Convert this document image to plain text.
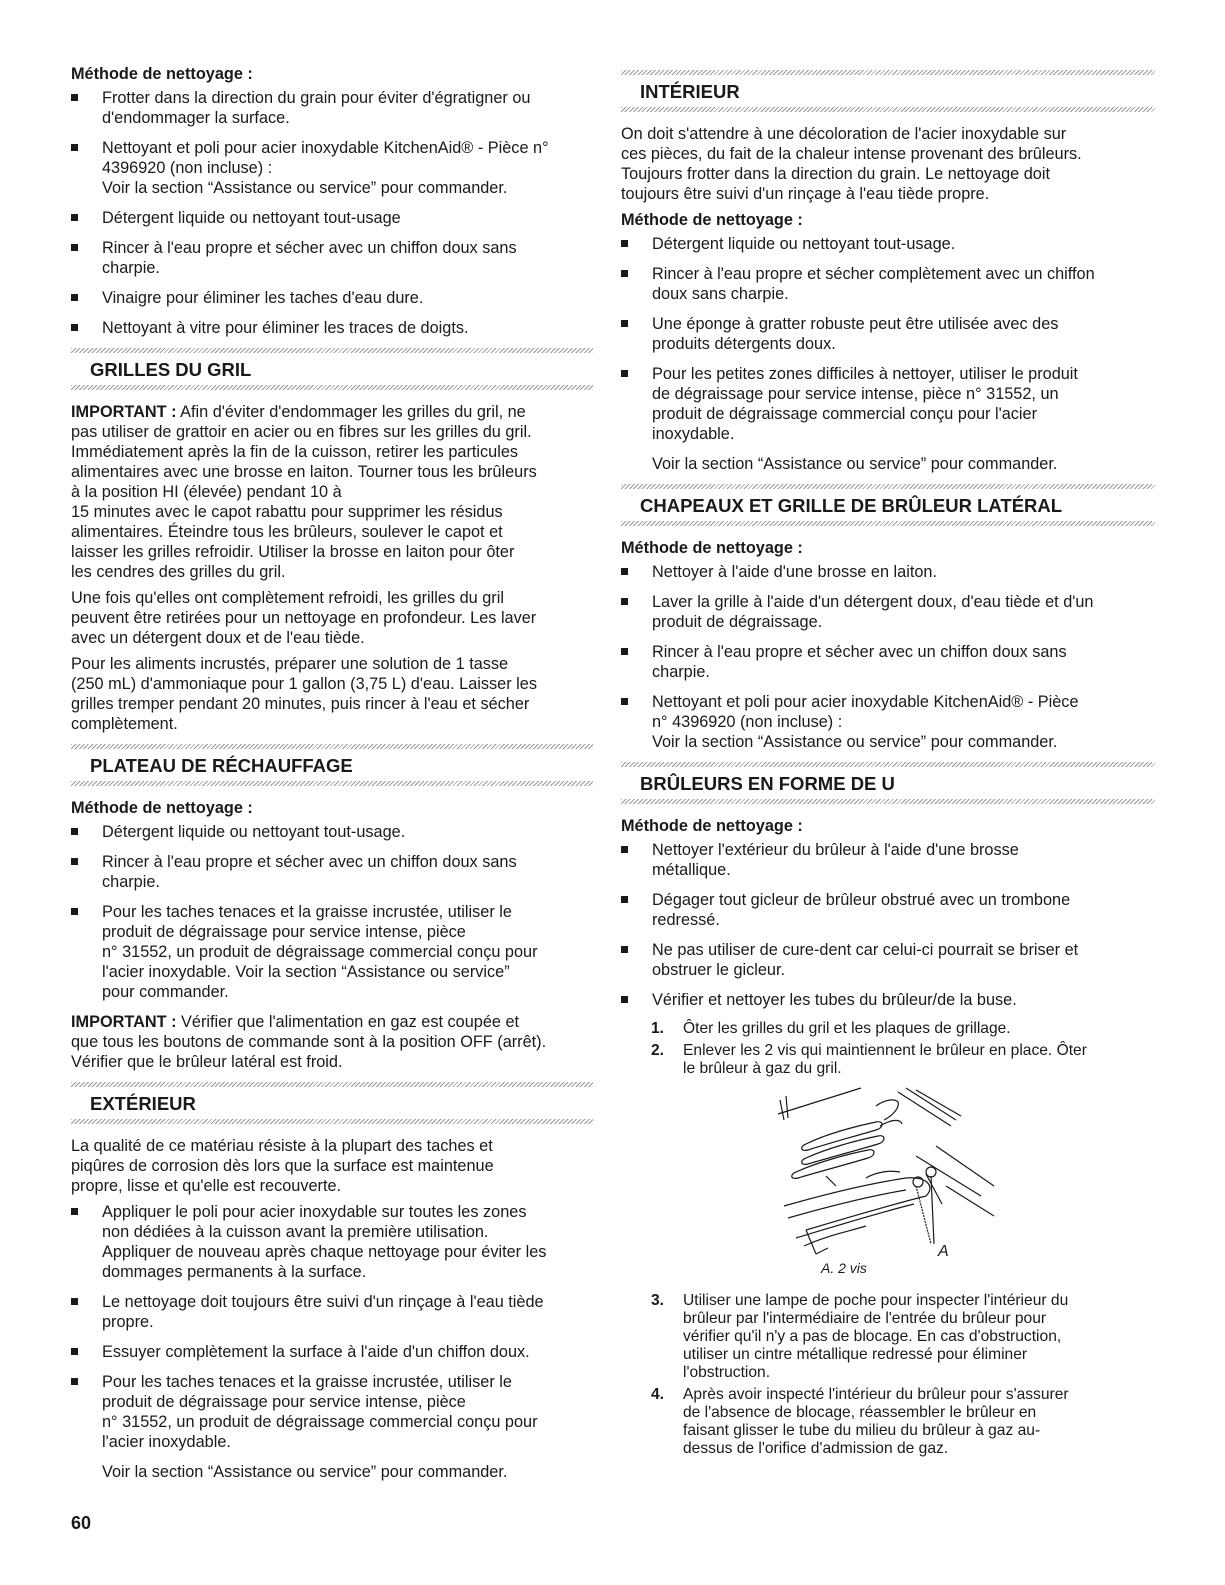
Méthode de nettoyage :
Frotter dans la direction du grain pour éviter d'égratigner ou
d'endommager la surface.
Nettoyant et poli pour acier inoxydable KitchenAid® - Pièce n°
4396920 (non incluse) :
Voir la section “Assistance ou service” pour commander.
Détergent liquide ou nettoyant tout-usage
Rincer à l'eau propre et sécher avec un chiffon doux sans
charpie.
Vinaigre pour éliminer les taches d'eau dure.
Nettoyant à vitre pour éliminer les traces de doigts.
GRILLES DU GRIL

IMPORTANT : Afin d'éviter d'endommager les grilles du gril, ne
pas utiliser de grattoir en acier ou en fibres sur les grilles du gril.
Immédiatement après la fin de la cuisson, retirer les particules
alimentaires avec une brosse en laiton. Tourner tous les brûleurs
à la position HI (élevée) pendant 10 à
15 minutes avec le capot rabattu pour supprimer les résidus
alimentaires. Éteindre tous les brûleurs, soulever le capot et
laisser les grilles refroidir. Utiliser la brosse en laiton pour ôter
les cendres des grilles du gril.

Une fois qu'elles ont complètement refroidi, les grilles du gril
peuvent être retirées pour un nettoyage en profondeur. Les laver
avec un détergent doux et de l'eau tiède.

Pour les aliments incrustés, préparer une solution de 1 tasse
(250 mL) d'ammoniaque pour 1 gallon (3,75 L) d'eau. Laisser les
grilles tremper pendant 20 minutes, puis rincer à l'eau et sécher
complètement.

PLATEAU DE RÉCHAUFFAGE
Méthode de nettoyage :
Détergent liquide ou nettoyant tout-usage.
Rincer à l'eau propre et sécher avec un chiffon doux sans
charpie.
Pour les taches tenaces et la graisse incrustée, utiliser le
produit de dégraissage pour service intense, pièce
n° 31552, un produit de dégraissage commercial conçu pour
l'acier inoxydable. Voir la section “Assistance ou service”
pour commander.

IMPORTANT : Vérifier que l'alimentation en gaz est coupée et
que tous les boutons de commande sont à la position OFF (arrêt).
Vérifier que le brûleur latéral est froid.

EXTÉRIEUR

La qualité de ce matériau résiste à la plupart des taches et
piqûres de corrosion dès lors que la surface est maintenue
propre, lisse et qu'elle est recouverte.

Appliquer le poli pour acier inoxydable sur toutes les zones
non dédiées à la cuisson avant la première utilisation.
Appliquer de nouveau après chaque nettoyage pour éviter les
dommages permanents à la surface.
Le nettoyage doit toujours être suivi d'un rinçage à l'eau tiède
propre.
Essuyer complètement la surface à l'aide d'un chiffon doux.
Pour les taches tenaces et la graisse incrustée, utiliser le
produit de dégraissage pour service intense, pièce
n° 31552, un produit de dégraissage commercial conçu pour
l'acier inoxydable.
Voir la section “Assistance ou service” pour commander.
INTÉRIEUR

On doit s'attendre à une décoloration de l'acier inoxydable sur
ces pièces, du fait de la chaleur intense provenant des brûleurs.
Toujours frotter dans la direction du grain. Le nettoyage doit
toujours être suivi d'un rinçage à l'eau tiède propre.

Méthode de nettoyage :
Détergent liquide ou nettoyant tout-usage.
Rincer à l'eau propre et sécher complètement avec un chiffon
doux sans charpie.
Une éponge à gratter robuste peut être utilisée avec des
produits détergents doux.
Pour les petites zones difficiles à nettoyer, utiliser le produit
de dégraissage pour service intense, pièce n° 31552, un
produit de dégraissage commercial conçu pour l'acier
inoxydable.
Voir la section “Assistance ou service” pour commander.
CHAPEAUX ET GRILLE DE BRÛLEUR LATÉRAL
Méthode de nettoyage :
Nettoyer à l'aide d'une brosse en laiton.
Laver la grille à l'aide d'un détergent doux, d'eau tiède et d'un
produit de dégraissage.
Rincer à l'eau propre et sécher avec un chiffon doux sans
charpie.
Nettoyant et poli pour acier inoxydable KitchenAid® - Pièce
n° 4396920 (non incluse) :
Voir la section “Assistance ou service” pour commander.
BRÛLEURS EN FORME DE U
Méthode de nettoyage :
Nettoyer l'extérieur du brûleur à l'aide d'une brosse
métallique.
Dégager tout gicleur de brûleur obstrué avec un trombone
redressé.
Ne pas utiliser de cure-dent car celui-ci pourrait se briser et
obstruer le gicleur.
Vérifier et nettoyer les tubes du brûleur/de la buse.
1. Ôter les grilles du gril et les plaques de grillage.
2. Enlever les 2 vis qui maintiennent le brûleur en place. Ôter
le brûleur à gaz du gril.
A
A. 2 vis
3. Utiliser une lampe de poche pour inspecter l'intérieur du
brûleur par l'intermédiaire de l'entrée du brûleur pour
vérifier qu'il n'y a pas de blocage. En cas d'obstruction,
utiliser un cintre métallique redressé pour éliminer
l'obstruction.
4. Après avoir inspecté l'intérieur du brûleur pour s'assurer
de l'absence de blocage, réassembler le brûleur en
faisant glisser le tube du milieu du brûleur à gaz au-
dessus de l'orifice d'admission de gaz.
60
